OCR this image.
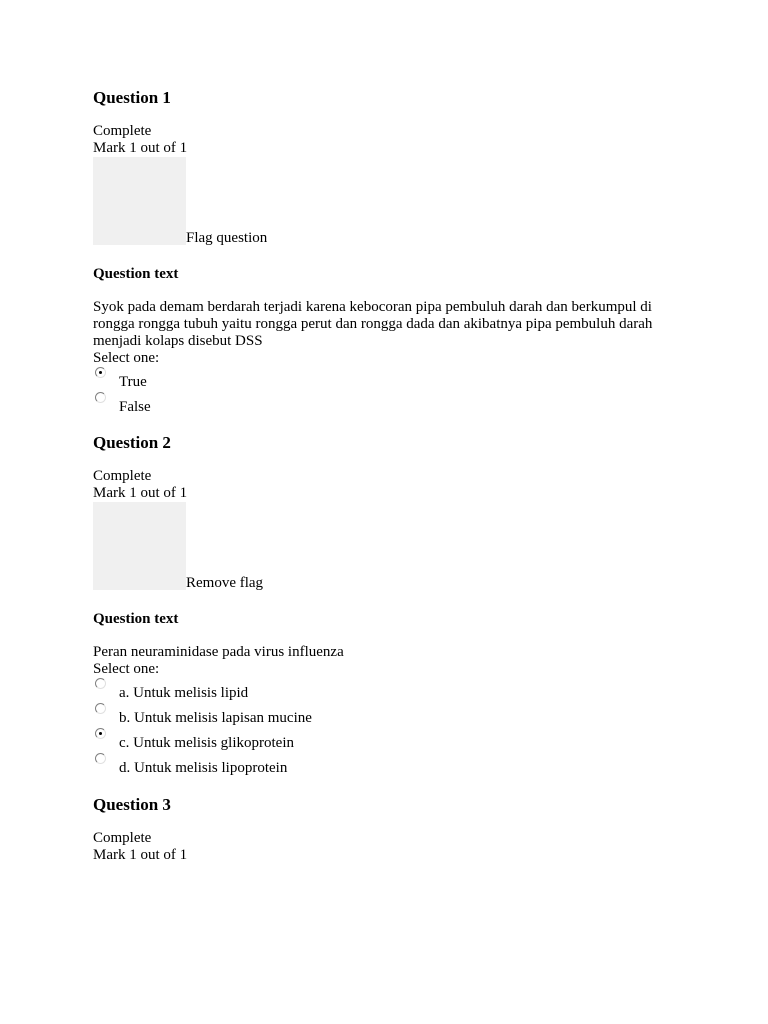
Question 1
Complete
Mark 1 out of 1
Flag question
Question text
Syok pada demam berdarah terjadi karena kebocoran pipa pembuluh darah dan berkumpul di rongga rongga tubuh yaitu rongga perut dan rongga dada dan akibatnya pipa pembuluh darah menjadi kolaps disebut DSS
Select one:
True
False
Question 2
Complete
Mark 1 out of 1
Remove flag
Question text
Peran neuraminidase pada virus influenza
Select one:
a. Untuk melisis lipid
b. Untuk melisis lapisan mucine
c. Untuk melisis glikoprotein
d. Untuk melisis lipoprotein
Question 3
Complete
Mark 1 out of 1
